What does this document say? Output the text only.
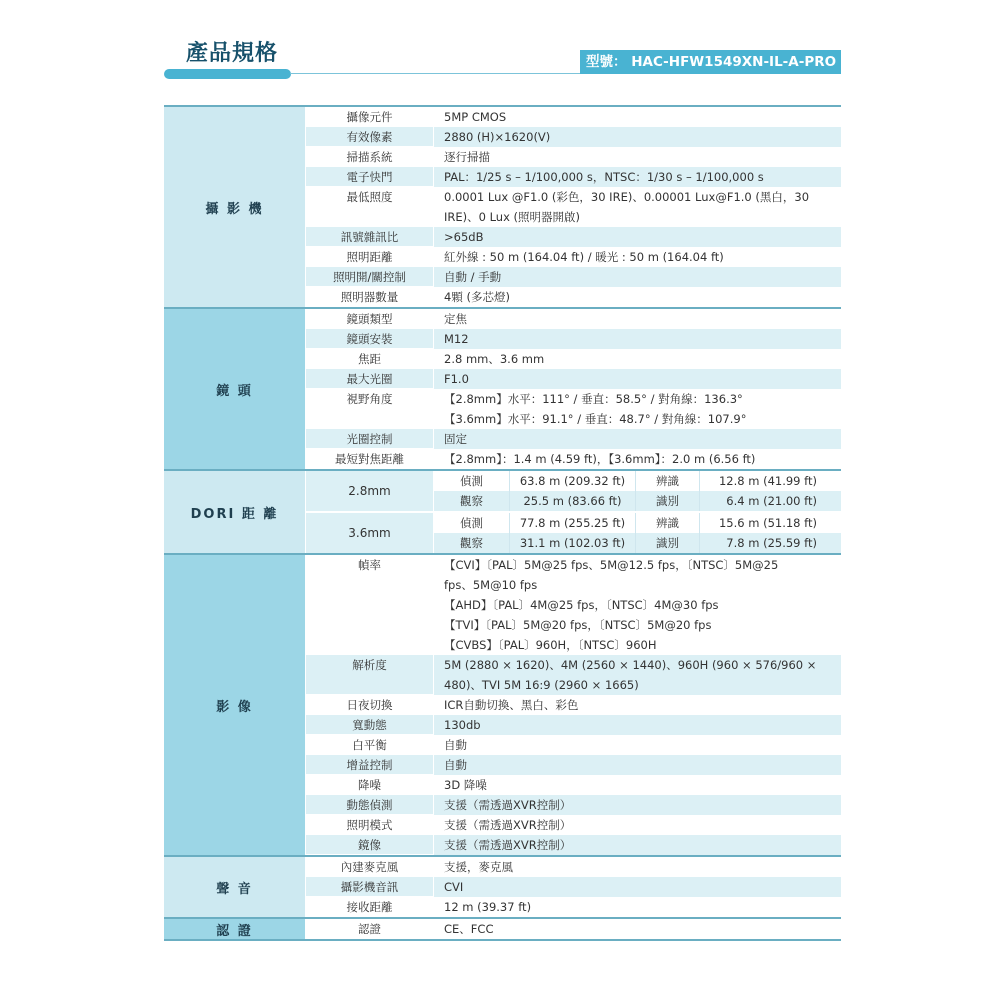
產品規格	型號： HAC-HFW1549XN-IL-A-PRO
攝 影 機
攝像元件	5MP CMOS
有效像素	2880 (H)×1620(V)
掃描系統	逐行掃描
電子快門	PAL：1/25 s – 1/100,000 s，NTSC：1/30 s – 1/100,000 s
最低照度	0.0001 Lux @F1.0 (彩色，30 IRE)、0.00001 Lux@F1.0 (黑白，30
IRE)、0 Lux (照明器開啟)
訊號雜訊比	>65dB
照明距離	紅外線 : 50 m (164.04 ft) / 暖光 : 50 m (164.04 ft)
照明開/關控制	自動 / 手動
照明器數量	4顆 (多芯燈)
鏡 頭
鏡頭類型	定焦
鏡頭安裝	M12
焦距	2.8 mm、3.6 mm
最大光圈	F1.0
視野角度	【2.8mm】水平：111° / 垂直：58.5° / 對角線：136.3°
【3.6mm】水平：91.1° / 垂直：48.7° / 對角線：107.9°
光圈控制	固定
最短對焦距離	【2.8mm】：1.4 m (4.59 ft)，【3.6mm】：2.0 m (6.56 ft)
DORI 距 離
2.8mm
偵測	63.8 m (209.32 ft)	辨識	12.8 m (41.99 ft)
觀察	25.5 m (83.66 ft)	識別	6.4 m (21.00 ft)
3.6mm
偵測	77.8 m (255.25 ft)	辨識	15.6 m (51.18 ft)
觀察	31.1 m (102.03 ft)	識別	7.8 m (25.59 ft)
影 像
幀率	【CVI】〔PAL〕5M@25 fps、5M@12.5 fps，〔NTSC〕5M@25
fps、5M@10 fps
【AHD】〔PAL〕4M@25 fps，〔NTSC〕4M@30 fps
【TVI】〔PAL〕5M@20 fps，〔NTSC〕5M@20 fps
【CVBS】〔PAL〕960H，〔NTSC〕960H
解析度	5M (2880 × 1620)、4M (2560 × 1440)、960H (960 × 576/960 ×
480)、TVI 5M 16:9 (2960 × 1665)
日夜切換	ICR自動切換、黑白、彩色
寬動態	130db
白平衡	自動
增益控制	自動
降噪	3D 降噪
動態偵測	支援（需透過XVR控制）
照明模式	支援（需透過XVR控制）
鏡像	支援（需透過XVR控制）
聲 音
內建麥克風	支援，麥克風
攝影機音訊	CVI
接收距離	12 m (39.37 ft)
認 證	認證	CE、FCC
